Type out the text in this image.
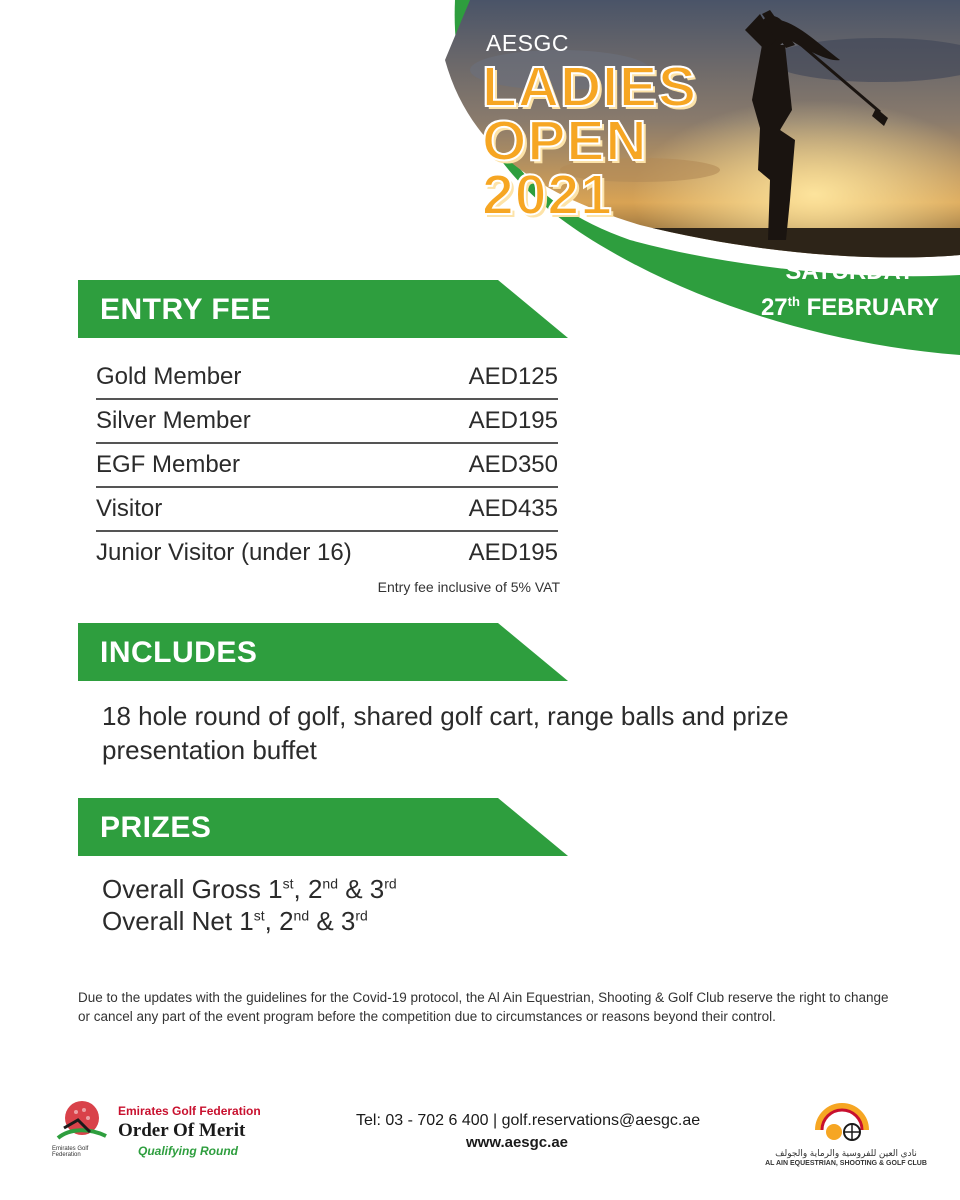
AESGC
LADIES
OPEN
2021
SATURDAY
27th FEBRUARY
ENTRY FEE
Gold Member	AED125
Silver Member	AED195
EGF Member	AED350
Visitor	AED435
Junior Visitor (under 16)	AED195
Entry fee inclusive of 5% VAT
INCLUDES
18 hole round of golf, shared golf cart, range balls and prize presentation buffet
PRIZES
Overall Gross 1st, 2nd & 3rd
Overall Net 1st, 2nd & 3rd
Due to the updates with the guidelines for the Covid-19 protocol, the Al Ain Equestrian, Shooting & Golf Club reserve the right to change or cancel any part of the event program before the competition due to circumstances or reasons beyond their control.
Emirates Golf Federation
Order Of Merit
Qualifying Round
Emirates Golf Federation
Tel: 03 - 702 6 400 | golf.reservations@aesgc.ae
www.aesgc.ae
نادي العين للفروسية والرماية والجولف
AL AIN EQUESTRIAN, SHOOTING & GOLF CLUB
